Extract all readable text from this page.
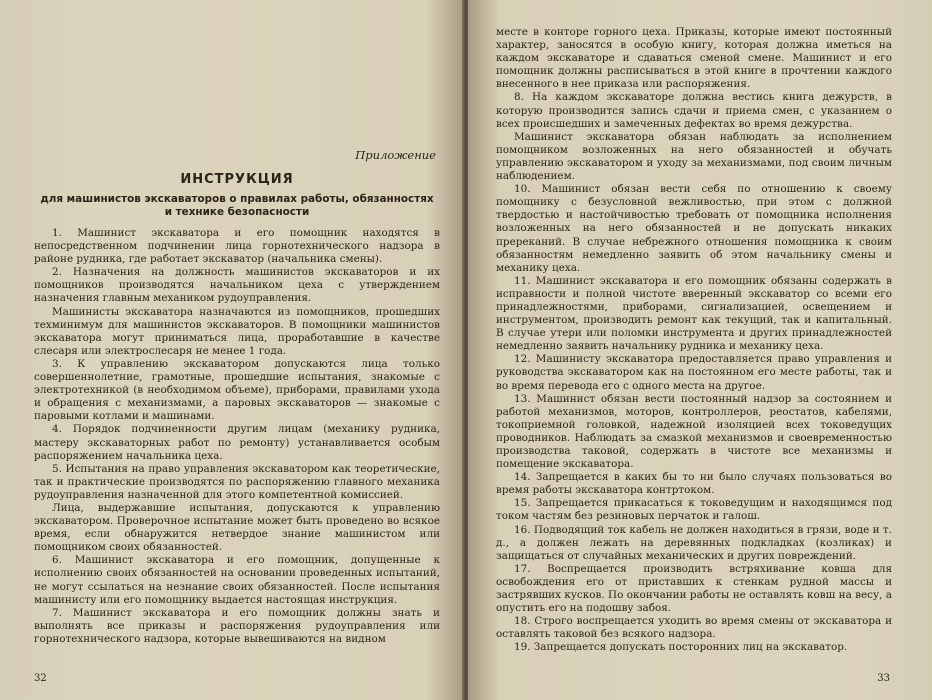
Приложение
ИНСТРУКЦИЯ
для машинистов экскаваторов о правилах работы, обязанностях и технике безопасности

1. Машинист экскаватора и его помощник находятся в непосредственном подчинении лица горнотехнического надзора в районе рудника, где работает экскаватор (начальника смены).

2. Назначения на должность машинистов экскаваторов и их помощников производятся начальником цеха с утверждением назначения главным механиком рудоуправления.

Машинисты экскаватора назначаются из помощников, прошедших техминимум для машинистов экскаваторов. В помощники машинистов экскаватора могут приниматься лица, проработавшие в качестве слесаря или электрослесаря не менее 1 года.

3. К управлению экскаватором допускаются лица только совершеннолетние, грамотные, прошедшие испытания, знакомые с электротехникой (в необходимом объеме), приборами, правилами ухода и обращения с механизмами, а паровых экскаваторов — знакомые с паровыми котлами и машинами.

4. Порядок подчиненности другим лицам (механику рудника, мастеру экскаваторных работ по ремонту) устанавливается особым распоряжением начальника цеха.

5. Испытания на право управления экскаватором как теоретические, так и практические производятся по распоряжению главного механика рудоуправления назначенной для этого компетентной комиссией.

Лица, выдержавшие испытания, допускаются к управлению экскаватором. Проверочное испытание может быть проведено во всякое время, если обнаружится нетвердое знание машинистом или помощником своих обязанностей.

6. Машинист экскаватора и его помощник, допущенные к исполнению своих обязанностей на основании проведенных испытаний, не могут ссылаться на незнание своих обязанностей. После испытания машинисту или его помощнику выдается настоящая инструкция.

7. Машинист экскаватора и его помощник должны знать и выполнять все приказы и распоряжения рудоуправления или горнотехнического надзора, которые вывешиваются на видном

32

месте в конторе горного цеха. Приказы, которые имеют постоянный характер, заносятся в особую книгу, которая должна иметься на каждом экскаваторе и сдаваться сменой смене. Машинист и его помощник должны расписываться в этой книге в прочтении каждого внесенного в нее приказа или распоряжения.

8. На каждом экскаваторе должна вестись книга дежурств, в которую производится запись сдачи и приема смен, с указанием о всех происшедших и замеченных дефектах во время дежурства.

Машинист экскаватора обязан наблюдать за исполнением помощником возложенных на него обязанностей и обучать управлению экскаватором и уходу за механизмами, под своим личным наблюдением.

10. Машинист обязан вести себя по отношению к своему помощнику с безусловной вежливостью, при этом с должной твердостью и настойчивостью требовать от помощника исполнения возложенных на него обязанностей и не допускать никаких пререканий. В случае небрежного отношения помощника к своим обязанностям немедленно заявить об этом начальнику смены и механику цеха.

11. Машинист экскаватора и его помощник обязаны содержать в исправности и полной чистоте вверенный экскаватор со всеми его принадлежностями, приборами, сигнализацией, освещением и инструментом, производить ремонт как текущий, так и капитальный. В случае утери или поломки инструмента и других принадлежностей немедленно заявить начальнику рудника и механику цеха.

12. Машинисту экскаватора предоставляется право управления и руководства экскаватором как на постоянном его месте работы, так и во время перевода его с одного места на другое.

13. Машинист обязан вести постоянный надзор за состоянием и работой механизмов, моторов, контроллеров, реостатов, кабелями, токоприемной головкой, надежной изоляцией всех токоведущих проводников. Наблюдать за смазкой механизмов и своевременностью производства таковой, содержать в чистоте все механизмы и помещение экскаватора.

14. Запрещается в каких бы то ни было случаях пользоваться во время работы экскаватора контртоком.

15. Запрещается прикасаться к токоведущим и находящимся под током частям без резиновых перчаток и галош.

16. Подводящий ток кабель не должен находиться в грязи, воде и т. д., а должен лежать на деревянных подкладках (козликах) и защищаться от случайных механических и других повреждений.

17. Воспрещается производить встряхивание ковша для освобождения его от приставших к стенкам рудной массы и застрявших кусков. По окончании работы не оставлять ковш на весу, а опустить его на подошву забоя.

18. Строго воспрещается уходить во время смены от экскаватора и оставлять таковой без всякого надзора.

19. Запрещается допускать посторонних лиц на экскаватор.

33
